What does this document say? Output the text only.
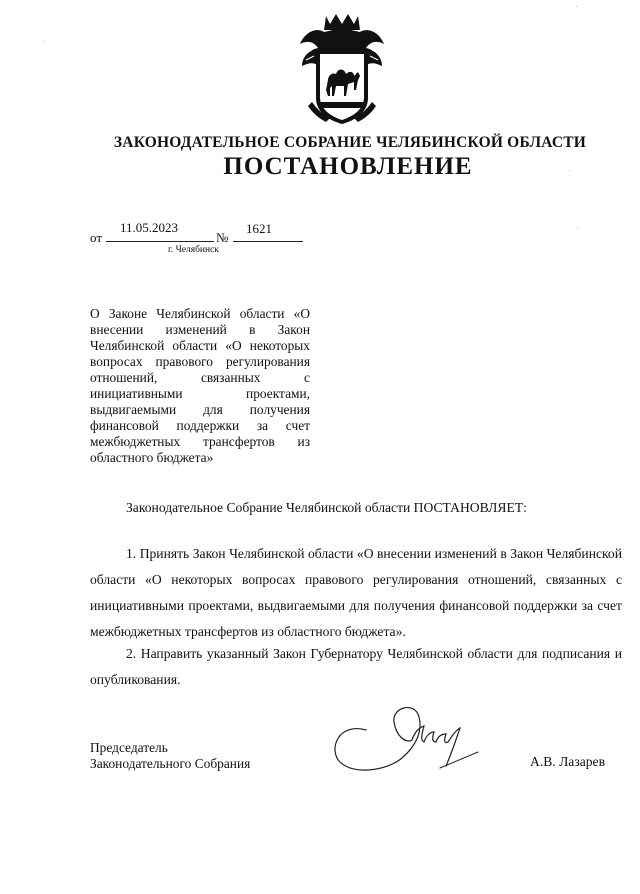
ЗАКОНОДАТЕЛЬНОЕ СОБРАНИЕ ЧЕЛЯБИНСКОЙ ОБЛАСТИ
ПОСТАНОВЛЕНИЕ
от
11.05.2023
№
1621
г. Челябинск
О Законе Челябинской области «О внесении изменений в Закон Челябинской области «О некоторых вопросах правового регулирования отношений, связанных с инициативными проектами, выдвигаемыми для получения финансовой поддержки за счет межбюджетных трансфертов из областного бюджета»
Законодательное Собрание Челябинской области ПОСТАНОВЛЯЕТ:
1. Принять Закон Челябинской области «О внесении изменений в Закон Челябинской области «О некоторых вопросах правового регулирования отношений, связанных с инициативными проектами, выдвигаемыми для получения финансовой поддержки за счет межбюджетных трансфертов из областного бюджета».
2. Направить указанный Закон Губернатору Челябинской области для подписания и опубликования.
Председатель
Законодательного Собрания	А.В. Лазарев
